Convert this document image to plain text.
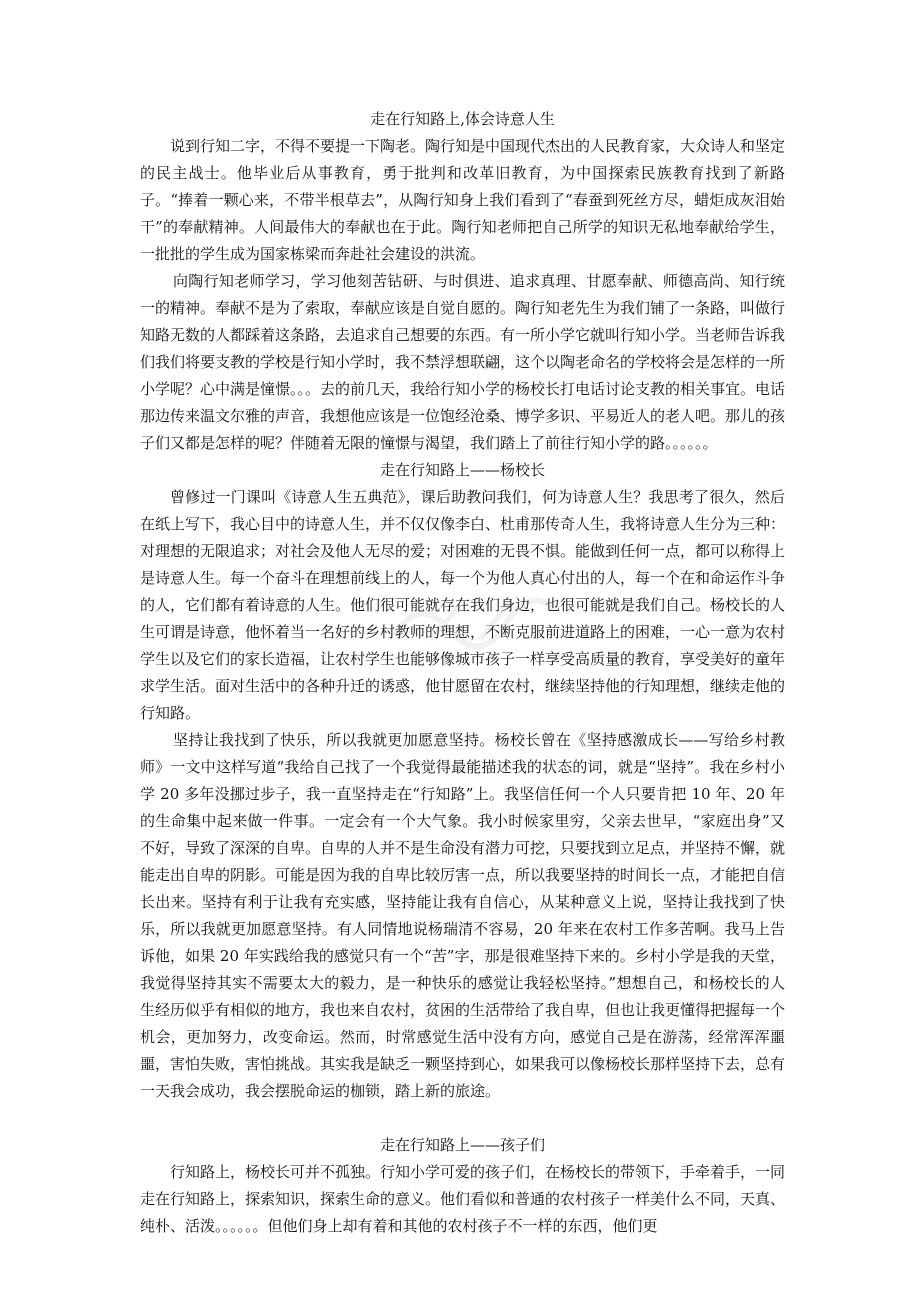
走在行知路上,体会诗意人生

说到行知二字，不得不要提一下陶老。陶行知是中国现代杰出的人民教育家，大众诗人和坚定的民主战士。他毕业后从事教育，勇于批判和改革旧教育，为中国探索民族教育找到了新路子。“捧着一颗心来，不带半根草去”，从陶行知身上我们看到了“春蚕到死丝方尽，蜡炬成灰泪始干”的奉献精神。人间最伟大的奉献也在于此。陶行知老师把自己所学的知识无私地奉献给学生，一批批的学生成为国家栋梁而奔赴社会建设的洪流。

向陶行知老师学习，学习他刻苦钻研、与时俱进、追求真理、甘愿奉献、师德高尚、知行统一的精神。奉献不是为了索取，奉献应该是自觉自愿的。陶行知老先生为我们铺了一条路，叫做行知路无数的人都踩着这条路，去追求自己想要的东西。有一所小学它就叫行知小学。当老师告诉我们我们将要支教的学校是行知小学时，我不禁浮想联翩，这个以陶老命名的学校将会是怎样的一所小学呢？心中满是憧憬。。。去的前几天，我给行知小学的杨校长打电话讨论支教的相关事宜。电话那边传来温文尔雅的声音，我想他应该是一位饱经沧桑、博学多识、平易近人的老人吧。那儿的孩子们又都是怎样的呢？伴随着无限的憧憬与渴望，我们踏上了前往行知小学的路。。。。。。

走在行知路上——杨校长

曾修过一门课叫《诗意人生五典范》，课后助教问我们，何为诗意人生？我思考了很久，然后在纸上写下，我心目中的诗意人生，并不仅仅像李白、杜甫那传奇人生，我将诗意人生分为三种：对理想的无限追求；对社会及他人无尽的爱；对困难的无畏不惧。能做到任何一点，都可以称得上是诗意人生。每一个奋斗在理想前线上的人，每一个为他人真心付出的人，每一个在和命运作斗争的人，它们都有着诗意的人生。他们很可能就存在我们身边，也很可能就是我们自己。杨校长的人生可谓是诗意，他怀着当一名好的乡村教师的理想，不断克服前进道路上的困难，一心一意为农村学生以及它们的家长造福，让农村学生也能够像城市孩子一样享受高质量的教育，享受美好的童年求学生活。面对生活中的各种升迁的诱惑，他甘愿留在农村，继续坚持他的行知理想，继续走他的行知路。

坚持让我找到了快乐，所以我就更加愿意坚持。杨校长曾在《坚持感激成长——写给乡村教师》一文中这样写道“我给自己找了一个我觉得最能描述我的状态的词，就是“坚持”。我在乡村小学 20 多年没挪过步子，我一直坚持走在“行知路”上。我坚信任何一个人只要肯把 10 年、20 年的生命集中起来做一件事。一定会有一个大气象。我小时候家里穷，父亲去世早，“家庭出身”又不好，导致了深深的自卑。自卑的人并不是生命没有潜力可挖，只要找到立足点，并坚持不懈，就能走出自卑的阴影。可能是因为我的自卑比较厉害一点，所以我要坚持的时间长一点，才能把自信长出来。坚持有利于让我有充实感，坚持能让我有自信心，从某种意义上说，坚持让我找到了快乐，所以我就更加愿意坚持。有人同情地说杨瑞清不容易，20 年来在农村工作多苦啊。我马上告诉他，如果 20 年实践给我的感觉只有一个“苦”字，那是很难坚持下来的。乡村小学是我的天堂，我觉得坚持其实不需要太大的毅力，是一种快乐的感觉让我轻松坚持。”想想自己，和杨校长的人生经历似乎有相似的地方，我也来自农村，贫困的生活带给了我自卑，但也让我更懂得把握每一个机会，更加努力，改变命运。然而，时常感觉生活中没有方向，感觉自己是在游荡，经常浑浑噩噩，害怕失败，害怕挑战。其实我是缺乏一颗坚持到心，如果我可以像杨校长那样坚持下去，总有一天我会成功，我会摆脱命运的枷锁，踏上新的旅途。

走在行知路上——孩子们

行知路上，杨校长可并不孤独。行知小学可爱的孩子们，在杨校长的带领下，手牵着手，一同走在行知路上，探索知识，探索生命的意义。他们看似和普通的农村孩子一样美什么不同，天真、纯朴、活泼。。。。。。但他们身上却有着和其他的农村孩子不一样的东西，他们更
